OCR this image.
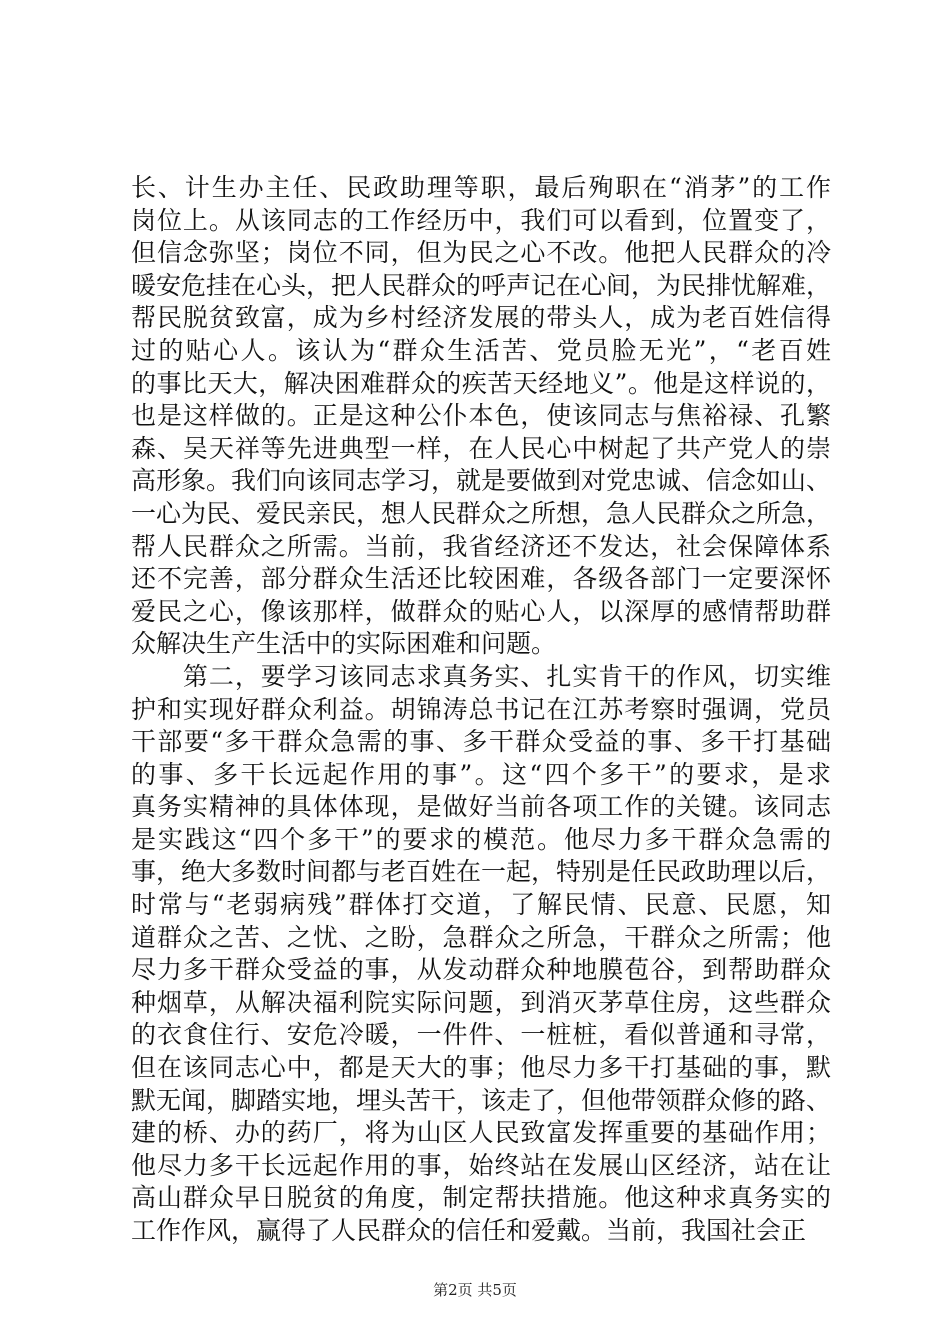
长、计生办主任、民政助理等职，最后殉职在“消茅”的工作
岗位上。从该同志的工作经历中，我们可以看到，位置变了，
但信念弥坚；岗位不同，但为民之心不改。他把人民群众的冷
暖安危挂在心头，把人民群众的呼声记在心间，为民排忧解难，
帮民脱贫致富，成为乡村经济发展的带头人，成为老百姓信得
过的贴心人。该认为“群众生活苦、党员脸无光”，“老百姓
的事比天大，解决困难群众的疾苦天经地义”。他是这样说的，
也是这样做的。正是这种公仆本色，使该同志与焦裕禄、孔繁
森、吴天祥等先进典型一样，在人民心中树起了共产党人的崇
高形象。我们向该同志学习，就是要做到对党忠诚、信念如山、
一心为民、爱民亲民，想人民群众之所想，急人民群众之所急，
帮人民群众之所需。当前，我省经济还不发达，社会保障体系
还不完善，部分群众生活还比较困难，各级各部门一定要深怀
爱民之心，像该那样，做群众的贴心人，以深厚的感情帮助群
众解决生产生活中的实际困难和问题。
　　第二，要学习该同志求真务实、扎实肯干的作风，切实维
护和实现好群众利益。胡锦涛总书记在江苏考察时强调，党员
干部要“多干群众急需的事、多干群众受益的事、多干打基础
的事、多干长远起作用的事”。这“四个多干”的要求，是求
真务实精神的具体体现，是做好当前各项工作的关键。该同志
是实践这“四个多干”的要求的模范。他尽力多干群众急需的
事，绝大多数时间都与老百姓在一起，特别是任民政助理以后，
时常与“老弱病残”群体打交道，了解民情、民意、民愿，知
道群众之苦、之忧、之盼，急群众之所急，干群众之所需；他
尽力多干群众受益的事，从发动群众种地膜苞谷，到帮助群众
种烟草，从解决福利院实际问题，到消灭茅草住房，这些群众
的衣食住行、安危冷暖，一件件、一桩桩，看似普通和寻常，
但在该同志心中，都是天大的事；他尽力多干打基础的事，默
默无闻，脚踏实地，埋头苦干，该走了，但他带领群众修的路、
建的桥、办的药厂，将为山区人民致富发挥重要的基础作用；
他尽力多干长远起作用的事，始终站在发展山区经济，站在让
高山群众早日脱贫的角度，制定帮扶措施。他这种求真务实的
工作作风，赢得了人民群众的信任和爱戴。当前，我国社会正
第2页 共5页
